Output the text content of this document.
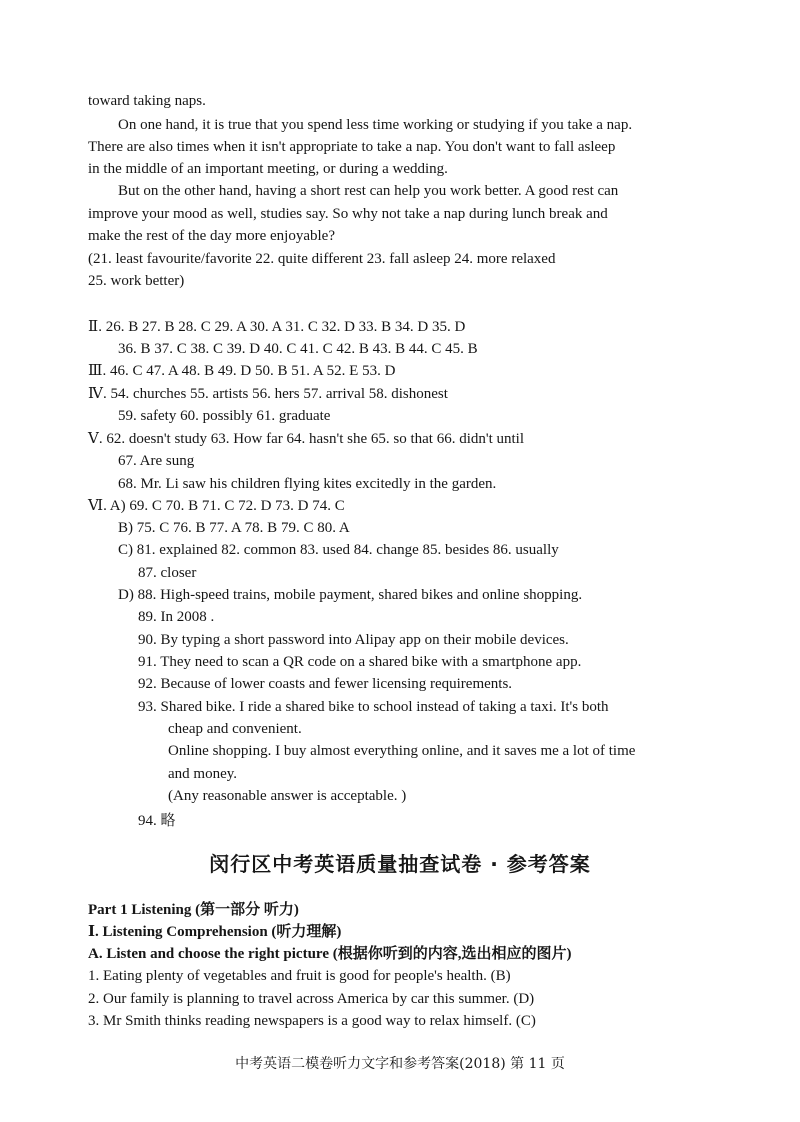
toward taking naps.
On one hand, it is true that you spend less time working or studying if you take a nap.
There are also times when it isn't appropriate to take a nap. You don't want to fall asleep
in the middle of an important meeting, or during a wedding.
But on the other hand, having a short rest can help you work better. A good rest can
improve your mood as well, studies say. So why not take a nap during lunch break and
make the rest of the day more enjoyable?
(21. least favourite/favorite 22. quite different 23. fall asleep 24. more relaxed
25. work better)
Ⅱ. 26. B 27. B 28. C 29. A 30. A 31. C 32. D 33. B 34. D 35. D
36. B 37. C 38. C 39. D 40. C 41. C 42. B 43. B 44. C 45. B
Ⅲ. 46. C 47. A 48. B 49. D 50. B 51. A 52. E 53. D
Ⅳ. 54. churches 55. artists 56. hers 57. arrival 58. dishonest
59. safety 60. possibly 61. graduate
Ⅴ. 62. doesn't study 63. How far 64. hasn't she 65. so that 66. didn't until
67. Are sung
68. Mr. Li saw his children flying kites excitedly in the garden.
Ⅵ. A) 69. C 70. B 71. C 72. D 73. D 74. C
B) 75. C 76. B 77. A 78. B 79. C 80. A
C) 81. explained 82. common 83. used 84. change 85. besides 86. usually
87. closer
D) 88. High-speed trains, mobile payment, shared bikes and online shopping.
89. In 2008 .
90. By typing a short password into Alipay app on their mobile devices.
91. They need to scan a QR code on a shared bike with a smartphone app.
92. Because of lower coasts and fewer licensing requirements.
93. Shared bike. I ride a shared bike to school instead of taking a taxi. It's both
cheap and convenient.
Online shopping. I buy almost everything online, and it saves me a lot of time
and money.
(Any reasonable answer is acceptable. )
94. 略
闵行区中考英语质量抽查试卷 · 参考答案
Part 1 Listening (第一部分 听力)
Ⅰ. Listening Comprehension (听力理解)
A. Listen and choose the right picture (根据你听到的内容,选出相应的图片)
1. Eating plenty of vegetables and fruit is good for people's health. (B)
2. Our family is planning to travel across America by car this summer. (D)
3. Mr Smith thinks reading newspapers is a good way to relax himself. (C)
中考英语二模卷听力文字和参考答案(2018) 第 11 页
